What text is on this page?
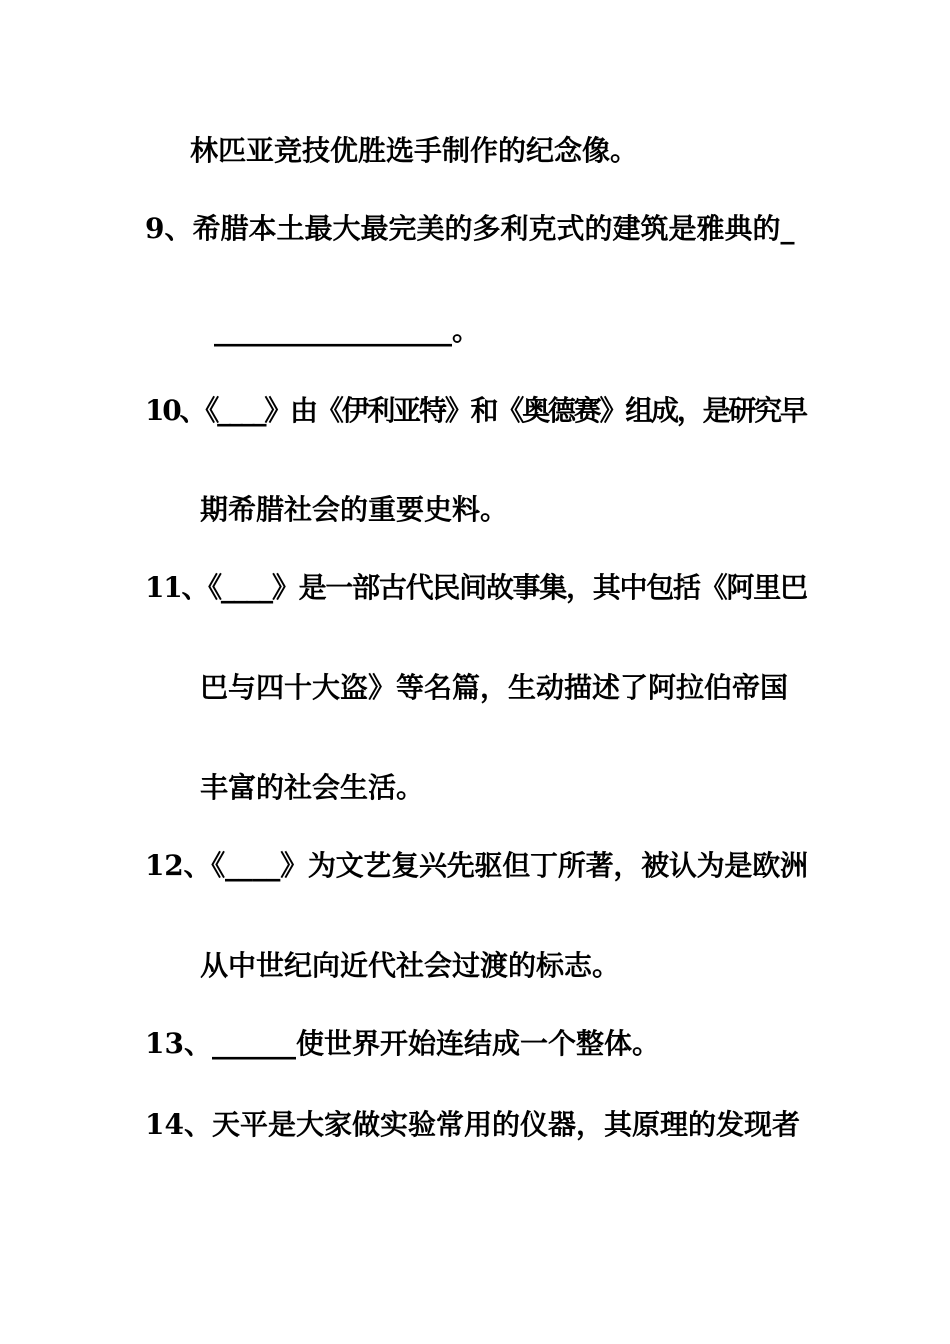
林匹亚竞技优胜选手制作的纪念像。
9、希腊本土最大最完美的多利克式的建筑是雅典的_
_________________。
10、《____》由《伊利亚特》和《奥德赛》组成，是研究早
期希腊社会的重要史料。
11、《____》是一部古代民间故事集，其中包括《阿里巴
巴与四十大盗》等名篇，生动描述了阿拉伯帝国
丰富的社会生活。
12、《____》为文艺复兴先驱但丁所著，被认为是欧洲
从中世纪向近代社会过渡的标志。
13、______使世界开始连结成一个整体。
14、天平是大家做实验常用的仪器，其原理的发现者
